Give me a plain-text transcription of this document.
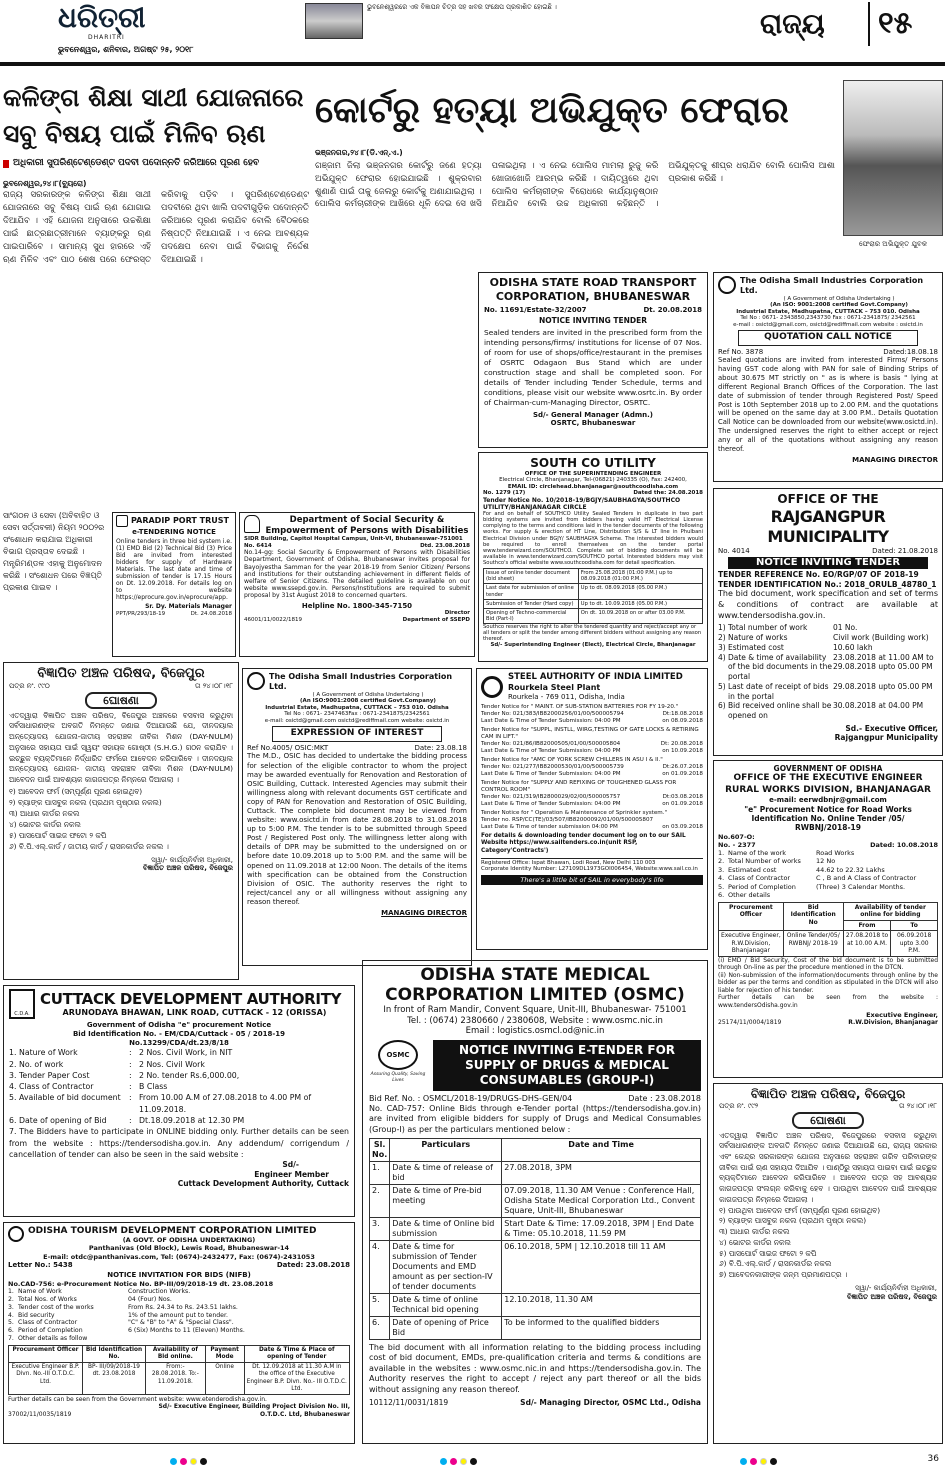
ଧରିତ୍ରୀ
DHARITRI
ଭୁବନେଶ୍ୱରରେ ଏକ ବିଜ୍ଞାପନ ଚିତ୍ର ସହ ଖବର ସଂକ୍ଷେପ ପ୍ରକାଶିତ ହୋଇଛି ।	ରାଜ୍ୟ	୧୫
ଭୁବନେଶ୍ୱର, ଶନିବାର, ଅଗଷ୍ଟ ୨୫, ୨୦୧୮
କଳିଙ୍ଗ ଶିକ୍ଷା ସାଥୀ ଯୋଜନାରେ
ସବୁ ବିଷୟ ପାଇଁ ମିଳିବ ଋଣ
ଅଧିକାରୀ ସୁପରିଣ୍ଟେଣ୍ଡେଣ୍ଟ ପଦବୀ ପଦୋନ୍ନତି ଜରିଆରେ ପୂରଣ ହେବ
ଭୁବନେଶ୍ୱର,୨୪।୮(ବ୍ୟୁରୋ)
ରାଜ୍ୟ ସରକାରଙ୍କ କଳିଙ୍ଗ ଶିକ୍ଷା ସାଥୀ ଯୋଜନାରେ ସବୁ ବିଷୟ ପାଇଁ ଋଣ ଯୋଗାଇ ଦିଆଯିବ । ଏହି ଯୋଜନା ଅନୁସାରେ ଉଚ୍ଚଶିକ୍ଷା ପାଇଁ ଛାତ୍ରଛାତ୍ରୀମାନେ ବ୍ୟାଙ୍କରୁ ଋଣ ପାଇପାରିବେ । ସାମାନ୍ୟ ସୁଧ ହାରରେ ଏହି ଋଣ ମିଳିବ ଏବଂ ପାଠ ଶେଷ ପରେ ଫେରସ୍ତ କରିବାକୁ ପଡ଼ିବ । ସୁପରିଣ୍ଟେଣ୍ଡେଣ୍ଟ ପଦବୀରେ ଥିବା ଖାଲି ପଦବୀଗୁଡ଼ିକ ପଦୋନ୍ନତି ଜରିଆରେ ପୂରଣ କରାଯିବ ବୋଲି ବୈଠକରେ ନିଷ୍ପତ୍ତି ନିଆଯାଇଛି । ଏ ନେଇ ଆବଶ୍ୟକ ପଦକ୍ଷେପ ନେବା ପାଇଁ ବିଭାଗକୁ ନିର୍ଦ୍ଦେଶ ଦିଆଯାଇଛି ।
କୋର୍ଟରୁ ହତ୍ୟା ଅଭିଯୁକ୍ତ ଫେରାର
ଭଞ୍ଜନଗର,୨୪।୮(ଡି.ଏନ୍.ଏ.)
ଗଞ୍ଜାମ ଜିଲା ଭଞ୍ଜନଗର କୋର୍ଟରୁ ଜଣେ ହତ୍ୟା ଅଭିଯୁକ୍ତ ଫେରାର ହୋଇଯାଇଛି । ଶୁକ୍ରବାର ଶୁଣାଣି ପାଇଁ ତାକୁ ଜେଲରୁ କୋର୍ଟକୁ ଅଣାଯାଇଥିଲା । ପୋଲିସ କର୍ମଚାରୀଙ୍କ ଆଖିରେ ଧୂଳି ଦେଇ ସେ ଖସି ପଳାଇଥିଲା । ଏ ନେଇ ପୋଲିସ ମାମଲା ରୁଜୁ କରି ଖୋଜାଖୋଜି ଆରମ୍ଭ କରିଛି । ଦାୟିତ୍ୱରେ ଥିବା ପୋଲିସ କର୍ମଚାରୀଙ୍କ ବିରୋଧରେ କାର୍ଯ୍ୟାନୁଷ୍ଠାନ ନିଆଯିବ ବୋଲି ଉଚ୍ଚ ଅଧିକାରୀ କହିଛନ୍ତି । ଅଭିଯୁକ୍ତକୁ ଶୀଘ୍ର ଧରାଯିବ ବୋଲି ପୋଲିସ ଆଶା ପ୍ରକାଶ କରିଛି ।
ଫେରାର ଅଭିଯୁକ୍ତ ଯୁବକ
ODISHA STATE ROAD TRANSPORT
CORPORATION, BHUBANESWAR
No. 11691/Estate-32/2007	Dt. 20.08.2018
NOTICE INVITING TENDER
Sealed tenders are invited in the prescribed form from the intending persons/firms/ institutions for license of 07 Nos. of room for use of shops/office/restaurant in the premises of OSRTC Odagaon Bus Stand which are under construction stage and shall be completed soon. For details of Tender including Tender Schedule, terms and conditions, please visit our website www.osrtc.in. By order of Chairman-cum-Managing Director, OSRTC.
Sd/- General Manager (Admn.)
OSRTC, Bhubaneswar
The Odisha Small Industries Corporation Ltd.
( A Government of Odisha Undertaking )
(An ISO: 9001:2008 certified Govt.Company)
Industrial Estate, Madhupatna, CUTTACK – 753 010. Odisha
Tel No : 0671- 2343850,2343730 Fax : 0671-2341875/ 2342561
e-mail : osictd@gmail.com, osictd@rediffmail.com website : osictd.in
QUOTATION CALL NOTICE
Ref No. 3878	Dated:18.08.18
Sealed quotations are invited from interested Firms/ Persons having GST code along with PAN for sale of Binding Strips of about 30.675 MT strictly on " as is where is basis " lying at different Regional Branch Offices of the Corporation. The last date of submission of tender through Registered Post/ Speed Post is 10th September 2018 up to 2.00 P.M. and the quotations will be opened on the same day at 3.00 P.M.. Details Quotation Call Notice can be downloaded from our website(www.osictd.in). The undersigned reserves the right to either accept or reject any or all of the quotations without assigning any reason thereof.
MANAGING DIRECTOR
SOUTH CO UTILITY
OFFICE OF THE SUPERINTENDING ENGINEER
Electrical Circle, Bhanjanagar, Tel-(06821) 240335 (O), Fax: 242400,
EMAIL ID: circlehead.bhanjanagar@southcoodisha.com
No. 1279 (17)	Dated the: 24.08.2018
Tender Notice No. 10/2018-19/BGJY/SAUBHAGYA/SOUTHCO UTILITY/BHANJANAGAR CIRCLE
For and on behalf of SOUTHCO Utility Sealed Tenders in duplicate in two part bidding systems are invited from bidders having valid HT Electrical License complying to the terms and conditions laid in the tender documents of the following works. For supply & erection of HT Line, Distribution S/S & LT line in Phulbani Electrical Division under BGJY/ SAUBHAGYA Scheme. The interested bidders would be required to enroll themselves on the tender portal www.tenderwizard.com/SOUTHCO. Complete set of bidding documents will be available in www.tenderwizard.com/SOUTHCO portal. Interested bidders may visit Southco's official website www.southcoodisha.com for detail specification.
Issue of online tender document (bid sheet)	From 25.08.2018 (01:00 P.M.) up to 08.09.2018 (01:00 P.M.)
Last date for submission of online tender	Up to dt. 08.09.2018 (05.00 P.M.)
Submission of Tender (Hard copy)	Up to dt. 10.09.2018 (05.00 P.M.)
Opening of Techno-commercial Bid (Part-I)	On dt. 10.09.2018 on or after 03.00 P.M.
Southco reserves the right to alter the tendered quantity and reject/accept any or all tenders or split the tender among different bidders without assigning any reason thereof.
Sd/- Superintending Engineer (Elect), Electrical Circle, Bhanjanagar
OFFICE OF THE
RAJGANGPUR MUNICIPALITY
No. 4014	Dated: 21.08.2018
NOTICE INVITING TENDER
TENDER REFERENCE No. EO/RGP/07 OF 2018-19
TENDER IDENTIFICATION No.: 2018_ORULB_48780_1
The bid document, work specification and set of terms & conditions of contract are available at www.tendersodisha.gov.in.
1) Total number of work	01 No.
2) Nature of works	Civil work (Building work)
3) Estimated cost	10.60 lakh
4) Date & time of availability of the bid documents in the portal
23.08.2018 at 11.00 AM to 29.08.2018 upto 05.00 PM
5) Last date of receipt of bids in the portal
29.08.2018 upto 05.00 PM
6) Bid received online shall be opened on
30.08.2018 at 04.00 PM
Sd.- Executive Officer,
Rajgangpur Municipality
ସାଂଗଠନ ଓ ସେବା (ଅବିବାହିତ ଓ ସେବା ସର୍ତ୍ତାବଳୀ) ନିୟମ ୨୦୦୨ର ସଂଶୋଧନ କରାଯାଇ ଅଧିକାରୀ ବିଭାଗ ପ୍ରସ୍ତାବ ଦେଇଛି । ମନ୍ତ୍ରିମଣ୍ଡଳ ଏହାକୁ ଅନୁମୋଦନ କରିଛି । ସଂଶୋଧନ ପରେ ବିଜ୍ଞପ୍ତି ପ୍ରକାଶ ପାଇବ ।
PARADIP PORT TRUST
e-TENDERING NOTICE
Online tenders in three bid system i.e. (1) EMD Bid (2) Technical Bid (3) Price Bid are invited from interested bidders for supply of Hardware Materials. The last date and time of submission of tender is 17.15 Hours on Dt. 12.09.2018. For details log on to website https://eprocure.gov.in/eprocure/app.
Sr. Dy. Materials Manager
PPT/PR/293/18-19	Dt. 24.08.2018
Department of Social Security &
Empowerment of Persons with Disabilities
SIDR Building, Capitol Hospital Campus, Unit-VI, Bhubaneswar-751001
No. 6414	Dtd. 23.08.2018
No.14-gg: Social Security & Empowerment of Persons with Disabilities Department, Government of Odisha, Bhubaneswar invites proposal for Bayojyestha Samman for the year 2018-19 from Senior Citizen/ Persons and Institutions for their outstanding achievement in different fields of welfare of Senior Citizens. The detailed guideline is available on our website www.ssepd.gov.in. Persons/Institutions are required to submit proposal by 31st August 2018 to concerned quarters.
Helpline No. 1800-345-7150
46001/11/0022/1819
Director
Department of SSEPD
ବିଜ୍ଞାପିତ ଅଞ୍ଚଳ ପରିଷଦ, ବିଜେପୁର
ପତ୍ର ନଂ. ୯୯୦	ତା ୨୪।୦୮।୧୮
ଘୋଷଣା
ଏତଦ୍ୱାରା ବିଜ୍ଞାପିତ ଅଞ୍ଚଳ ପରିଷଦ, ବିଜେପୁର ଅଞ୍ଚଳରେ ବସବାସ କରୁଥିବା ସର୍ବସାଧାରଣଙ୍କ ଅବଗତି ନିମନ୍ତେ ଜଣାଇ ଦିଆଯାଉଛି ଯେ, ଦୀନଦୟାଲ ଅନ୍ତ୍ୟୋଦୟ ଯୋଜନା-ଜାତୀୟ ସହରାଞ୍ଚଳ ଜୀବିକା ମିଶନ (DAY-NULM) ଅନୁସାରେ ସହାୟତା ପାଇଁ ସ୍ୱୟଂ ସହାୟକ ଗୋଷ୍ଠୀ (S.H.G.) ଗଠନ କରାଯିବ । ଇଚ୍ଛୁକ ବ୍ୟକ୍ତିମାନେ ନିର୍ଦ୍ଧାରିତ ଫର୍ମରେ ଆବେଦନ କରିପାରିବେ । ଦୀନଦୟାଲ ଅନ୍ତ୍ୟୋଦୟ ଯୋଜନା- ଜାତୀୟ ସହରାଞ୍ଚଳ ଜୀବିକା ମିଶନ (DAY-NULM) ଆବେଦନ ପାଇଁ ଆବଶ୍ୟକ କାଗଜପତ୍ର ନିମ୍ନରେ ଦିଆଗଲା ।
୧) ଆବେଦନ ଫର୍ମ (ସମ୍ପୂର୍ଣ୍ଣ ପୂରଣ ହୋଇଥିବ)
୨) ବ୍ୟାଙ୍କ ପାସବୁକ ନକଲ (ପ୍ରଥମ ପୃଷ୍ଠାର ନକଲ)
୩) ଆଧାର କାର୍ଡର ନକଲ
୪) ଭୋଟର କାର୍ଡର ନକଲ
୫) ପାସପୋର୍ଟ ସାଇଜ ଫଟୋ ୨ କପି
୬) ବି.ପି.ଏଲ୍.କାର୍ଡ / ଜାତୀୟ କାର୍ଡ / ରାସନକାର୍ଡର ନକଲ ।
ସ୍ୱା/- କାର୍ଯ୍ୟନିର୍ବାହୀ ଅଧିକାରୀ,
ବିଜ୍ଞାପିତ ଅଞ୍ଚଳ ପରିଷଦ, ବିଜେପୁର
The Odisha Small Industries Corporation Ltd.
( A Government of Odisha Undertaking )
(An ISO:9001:2008 certified Govt.Company)
Industrial Estate, Madhupatna, CUTTACK – 753 010. Odisha
Tel No : 0671- 2347463Fax : 0671-2341875/2342561
e-mail: osictd@gmail.com osictd@rediffmail.com website: osictd.in
EXPRESSION OF INTEREST
Ref No.4005/ OSIC:MKT	Date: 23.08.18
The M.D., OSIC has decided to undertake the bidding process for selection of the eligible contractor to whom the project may be awarded eventually for Renovation and Restoration of OSIC Building, Cuttack. Interested Agencies may submit their willingness along with relevant documents GST certificate and copy of PAN for Renovation and Restoration of OSIC Building, Cuttack. The complete bid document may be viewed from website: www.osictd.in from date 28.08.2018 to 31.08.2018 up to 5:00 P.M. The tender is to be submitted through Speed Post / Registered Post only. The willingness letter along with details of DPR may be submitted to the undersigned on or before date 10.09.2018 up to 5:00 P.M. and the same will be opened on 11.09.2018 at 12:00 Noon. The details of the items with specification can be obtained from the Construction Division of OSIC. The authority reserves the right to reject/cancel any or all willingness without assigning any reason thereof.
MANAGING DIRECTOR
STEEL AUTHORITY OF INDIA LIMITED
Rourkela Steel Plant
Rourkela - 769 011, Odisha, India
Tender Notice for " MAINT. OF SUB-STATION BATTERIES FOR FY 19-20."
Tender No: 021/383/IB82000256/01/00/500005794	Dt:18.08.2018
Last Date & Time of Tender Submission: 04:00 PM	on 08.09.2018
Tender Notice for "SUPPL, INSTLL, WIRG,TESTING OF GATE LOCKS & RETIRING CAM IN LIFT."
Tender No: 021/86/IB82000505/01/00/500005804	Dt: 20.08.2018
Last Date & Time of Tender Submission: 04:00 PM	on 10.09.2018
Tender Notice for "AMC OF YORK SCREW CHILLERS IN ASU I & II."
Tender No: 021/277/IB82000530/01/00/500005739	Dt:26.07.2018
Last Date & Time of Tender Submission: 04:00 PM	on 01.09.2018
Tender Notice for "SUPPLY AND REFIXING OF TOUGHENED GLASS FOR CONTROL ROOM"
Tender No: 021/319/IB2800029/02/00/500005757	Dt:03.08.2018
Last Date & Time of Tender Submission: 04:00 PM	on 01.09.2018
Tender Notice for " Operation & Maintenance of Sprinkler system."
Tender no. RSP/CC(TE)/03/507/IB82000092/01/00/500005807
Last Date & Time of tender submission 04:00 PM	on 03.09.2018
For details & downloading tender document log on to our SAIL Website https://www.sailtenders.co.in(unit RSP, Category'Contracts')
Registered Office: Ispat Bhawan, Lodi Road, New Delhi 110 003
Corporate Identity Number: L27109DL1973GOI006454, Website:www.sail.co.in
There's a little bit of SAIL in everybody's life
GOVERNMENT OF ODISHA
OFFICE OF THE EXECUTIVE ENGINEER
RURAL WORKS DIVISION, BHANJANAGAR
e-mail: eerwdbnjr@gmail.com
"e" Procurement Notice for Road Works
Identification No. Online Tender /05/
RWBNJ/2018-19
No.607-O:
No. - 2377	Dated: 10.08.2018
1. Name of the work	Road Works
2. Total Number of works	12 No
3. Estimated cost	44.62 to 22.32 Lakhs
4. Class of Contractor	C , B and A Class of Contractor
5. Period of Completion	(Three) 3 Calendar Months.
6. Other details
Procurement Officer	Bid Identification No	Availability of tender online for bidding	
		From	To
Executive Engineer, R.W.Division, Bhanjanagar	Online Tender/05/ RWBNJ/ 2018-19	27.08.2018 to at 10.00 A.M.	06.09.2018 upto 3.00 P.M.
(i) EMD / Bid Security, Cost of the bid document is to be submitted through On-line as per the procedure mentioned in the DTCN.
(ii) Non-submission of the information/documents through online by the bidder as per the terms and condition as stipulated in the DTCN will also liable for rejection of his tender.
Further details can be seen from the website : www.tendersOdisha.gov.in
Executive Engineer,
25174/11/0004/1819	R.W.Division, Bhanjanagar
C.D.A.
CUTTACK DEVELOPMENT AUTHORITY
ARUNODAYA BHAWAN, LINK ROAD, CUTTACK - 12 (ORISSA)
Government of Odisha "e" procurement Notice
Bid Identification No. - EM/CDA/Cuttack - 05 / 2018-19
No.13299/CDA/dt.23/8/18
1. Nature of Work	: 2 Nos. Civil Work, in NIT
2. No. of work	: 2 Nos. Civil Work
3. Tender Paper Cost	: 2 No. tender Rs.6,000.00,
4. Class of Contractor	: B Class
5. Available of bid document	: From 10.00 A.M of 27.08.2018 to 4.00 PM of 11.09.2018.
6. Date of opening of Bid	: Dt.18.09.2018 at 12.30 PM
7. The Bidders have to participate in ONLINE bidding only. Further details can be seen from the website : https://tendersodisha.gov.in. Any addendum/ corrigendum / cancellation of tender can also be seen in the said website :
Sd/-
Engineer Member
Cuttack Development Authority, Cuttack
ODISHA TOURISM DEVELOPMENT CORPORATION LIMITED
(A GOVT. OF ODISHA UNDERTAKING)
Panthanivas (Old Block), Lewis Road, Bhubaneswar-14
E-mail: otdc@panthanivas.com, Tel: (0674)-2432477, Fax: (0674)-2431053
Letter No.: 5438	Dated: 23.08.2018
NOTICE INVITATION FOR BIDS (NIFB)
No.CAD-756: e-Procurement Notice No. BP-III/09/2018-19 dt. 23.08.2018
1. Name of Work	Construction Works.
2. Total Nos. of Works	04 (Four) Nos.
3. Tender cost of the works	From Rs. 24.34 to Rs. 243.51 lakhs.
4. Bid security	1% of the amount put to tender.
5. Class of Contractor	"C" & "B" to "A" & "Special Class".
6. Period of Completion	6 (Six) Months to 11 (Eleven) Months.
7. Other details as follow
Procurement Officer	Bid Identification No.	Availability of Bid online.	Payment Mode	Date & Time & Place of opening of Tender
Executive Engineer B.P. Divn. No.-III O.T.D.C. Ltd.	BP- III/09/2018-19 dt. 23.08.2018	From:- 28.08.2018. To:- 11.09.2018.	Online	Dt. 12.09.2018 at 11.30 A.M in the office of the Executive Engineer B.P. Divn. No.- III O.T.D.C. Ltd.
Further details can be seen from the Government website: www.etenderodisha.gov.in.
Sd/- Executive Engineer, Building Project Division No. III,
37002/11/0035/1819	O.T.D.C. Ltd, Bhubaneswar
ODISHA STATE MEDICAL
CORPORATION LIMITED (OSMC)
In front of Ram Mandir, Convent Square, Unit-III, Bhubaneswar- 751001
Tel. : (0674) 2380660 / 2380608, Website : www.osmc.nic.in
Email : logistics.osmcl.od@nic.in
OSMC
Assuring Quality, Saving Lives
NOTICE INVITING E-TENDER FOR SUPPLY OF DRUGS & MEDICAL CONSUMABLES (GROUP-I)
Bid Ref. No. : OSMCL/2018-19/DRUGS-DHS-GEN/04	Date : 23.08.2018
No. CAD-757: Online Bids through e-Tender portal (https://tendersodisha.gov.in) are invited from eligible bidders for supply of Drugs and Medical Consumables (Group-I) as per the particulars mentioned below :
Sl. No.	Particulars	Date and Time
1.	Date & time of release of bid	27.08.2018, 3PM
2.	Date & time of Pre-bid meeting	07.09.2018, 11.30 AM Venue : Conference Hall, Odisha State Medical Corporation Ltd., Convent Square, Unit-III, Bhubaneswar
3.	Date & time of Online bid submission	Start Date & Time: 17.09.2018, 3PM | End Date & Time: 05.10.2018, 11.59 PM
4.	Date & time for submission of Tender Documents and EMD amount as per section-IV of tender documents	06.10.2018, 5PM | 12.10.2018 till 11 AM
5.	Date & time of online Technical bid opening	12.10.2018, 11.30 AM
6.	Date of opening of Price Bid	To be informed to the qualified bidders
The bid document with all information relating to the bidding process including cost of bid document, EMDs, pre-qualification criteria and terms & conditions are available in the websites : www.osmc.nic.in and https://tendersodisha.gov.in. The Authority reserves the right to accept / reject any part thereof or all the bids without assigning any reason thereof.
10112/11/0031/1819	Sd/- Managing Director, OSMC Ltd., Odisha
ବିଜ୍ଞାପିତ ଅଞ୍ଚଳ ପରିଷଦ, ବିଜେପୁର
ପତ୍ର ନଂ. ୯୯୨	ତା ୨୪।୦୮।୧୮
ଘୋଷଣା
ଏତଦ୍ୱାରା ବିଜ୍ଞାପିତ ଅଞ୍ଚଳ ପରିଷଦ, ବିଜେପୁରରେ ବସବାସ କରୁଥିବା ସର୍ବସାଧାରଣଙ୍କ ଅବଗତି ନିମନ୍ତେ ଜଣାଇ ଦିଆଯାଉଛି ଯେ, ରାଜ୍ୟ ସରକାର ଏବଂ କେନ୍ଦ୍ର ସରକାରଙ୍କ ଯୋଜନା ଅନୁସାରେ ସହରାଞ୍ଚଳ ଗରିବ ପରିବାରଙ୍କ ଜୀବିକା ପାଇଁ ଋଣ ସହାୟତା ଦିଆଯିବ । ପାଣ୍ଠିରୁ ସହାୟତା ପାଇବା ପାଇଁ ଇଚ୍ଛୁକ ବ୍ୟକ୍ତିମାନେ ଆବେଦନ କରିପାରିବେ । ଆବେଦନ ପତ୍ର ସହ ଆବଶ୍ୟକ କାଗଜପତ୍ର ସଂଲଗ୍ନ କରିବାକୁ ହେବ । ପାଉଥିବା ଆବେଦନ ପାଇଁ ଆବଶ୍ୟକ କାଗଜପତ୍ର ନିମ୍ନରେ ଦିଆଗଲା ।
୧) ପାଉଥିବା ଆବେଦନ ଫର୍ମ (ସମ୍ପୂର୍ଣ୍ଣ ପୂରଣ ହୋଇଥିବ)
୨) ବ୍ୟାଙ୍କ ପାସବୁକ ନକଲ (ପ୍ରଥମ ପୃଷ୍ଠା ନକଲ)
୩) ଆଧାର କାର୍ଡର ନକଲ
୪) ଭୋଟର କାର୍ଡର ନକଲ
୫) ପାସପୋର୍ଟ ସାଇଜ ଫଟୋ ୨ କପି
୬) ବି.ପି.ଏଲ୍.କାର୍ଡ / ରାସନକାର୍ଡର ନକଲ
୭) ଆବେଦନକାରୀଙ୍କ ଜନ୍ମ ପ୍ରମାଣପତ୍ର ।
ସ୍ୱା/- କାର୍ଯ୍ୟନିର୍ବାହୀ ଅଧିକାରୀ,
ବିଜ୍ଞାପିତ ଅଞ୍ଚଳ ପରିଷଦ, ବିଜେପୁର
36
